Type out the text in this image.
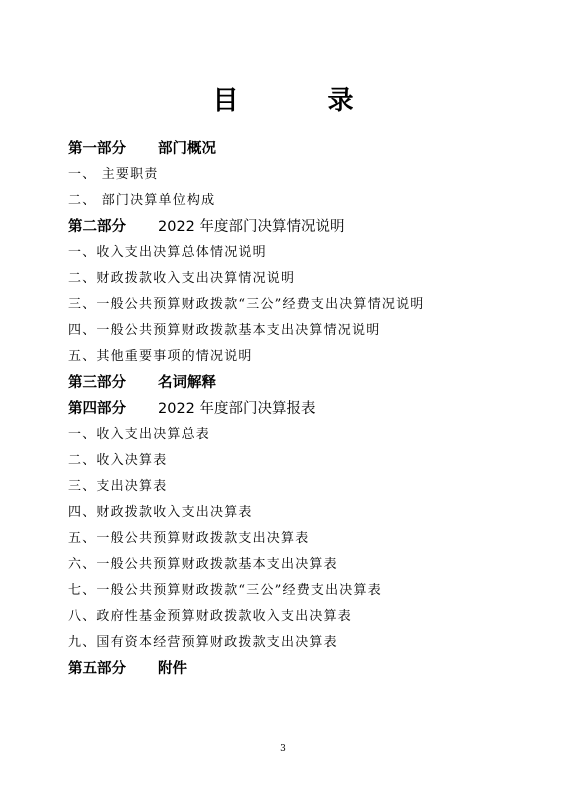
目 录
第一部分 部门概况
一、 主要职责
二、 部门决算单位构成
第二部分 2022 年度部门决算情况说明
一、收入支出决算总体情况说明
二、财政拨款收入支出决算情况说明
三、一般公共预算财政拨款“三公”经费支出决算情况说明
四、一般公共预算财政拨款基本支出决算情况说明
五、其他重要事项的情况说明
第三部分 名词解释
第四部分 2022 年度部门决算报表
一、收入支出决算总表
二、收入决算表
三、支出决算表
四、财政拨款收入支出决算表
五、一般公共预算财政拨款支出决算表
六、一般公共预算财政拨款基本支出决算表
七、一般公共预算财政拨款“三公”经费支出决算表
八、政府性基金预算财政拨款收入支出决算表
九、国有资本经营预算财政拨款支出决算表
第五部分 附件
3
